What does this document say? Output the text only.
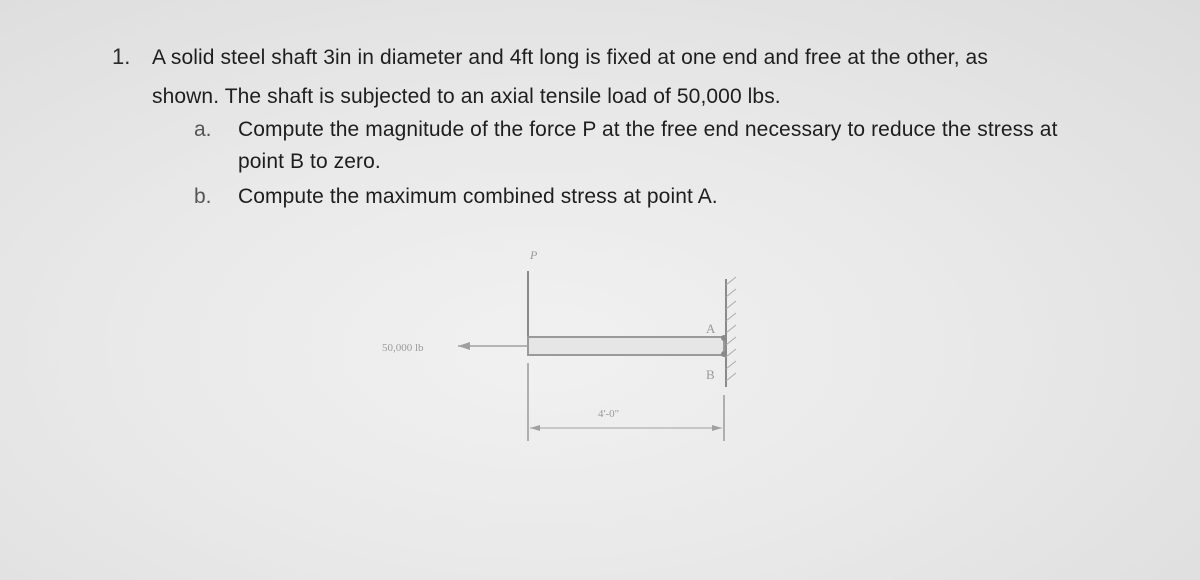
1. A solid steel shaft 3in in diameter and 4ft long is fixed at one end and free at the other, as
shown. The shaft is subjected to an axial tensile load of 50,000 lbs.
a. Compute the magnitude of the force P at the free end necessary to reduce the stress at
point B to zero.
b. Compute the maximum combined stress at point A.
P
50,000 lb
A
B
4'-0"
